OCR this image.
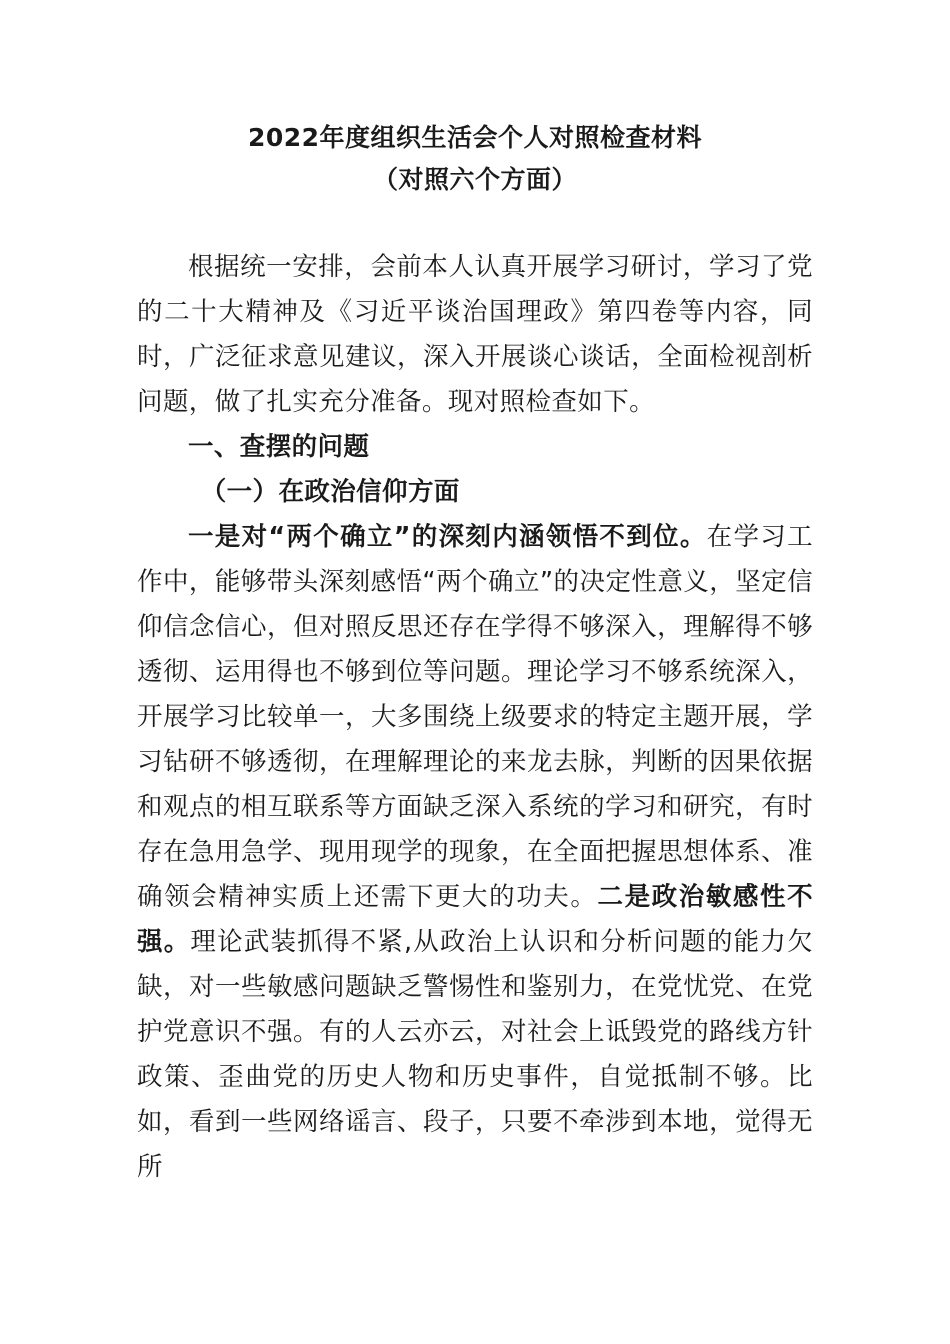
2022年度组织生活会个人对照检查材料
（对照六个方面）

根据统一安排，会前本人认真开展学习研讨，学习了党的二十大精神及《习近平谈治国理政》第四卷等内容，同时，广泛征求意见建议，深入开展谈心谈话，全面检视剖析问题，做了扎实充分准备。现对照检查如下。

一、查摆的问题

（一）在政治信仰方面

一是对“两个确立”的深刻内涵领悟不到位。在学习工作中，能够带头深刻感悟“两个确立”的决定性意义，坚定信仰信念信心，但对照反思还存在学得不够深入，理解得不够透彻、运用得也不够到位等问题。理论学习不够系统深入，开展学习比较单一，大多围绕上级要求的特定主题开展，学习钻研不够透彻，在理解理论的来龙去脉，判断的因果依据和观点的相互联系等方面缺乏深入系统的学习和研究，有时存在急用急学、现用现学的现象，在全面把握思想体系、准确领会精神实质上还需下更大的功夫。二是政治敏感性不强。理论武装抓得不紧,从政治上认识和分析问题的能力欠缺，对一些敏感问题缺乏警惕性和鉴别力，在党忧党、在党护党意识不强。有的人云亦云，对社会上诋毁党的路线方针政策、歪曲党的历史人物和历史事件，自觉抵制不够。比如，看到一些网络谣言、段子，只要不牵涉到本地，觉得无所
